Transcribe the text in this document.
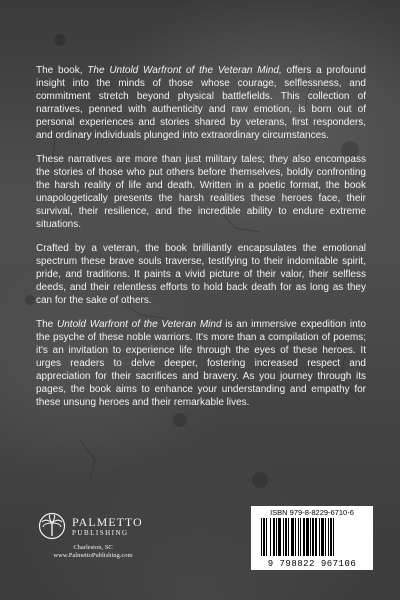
The book, The Untold Warfront of the Veteran Mind, offers a profound insight into the minds of those whose courage, selflessness, and commitment stretch beyond physical battlefields. This collection of narratives, penned with authenticity and raw emotion, is born out of personal experiences and stories shared by veterans, first responders, and ordinary individuals plunged into extraordinary circumstances.

These narratives are more than just military tales; they also encompass the stories of those who put others before themselves, boldly confronting the harsh reality of life and death. Written in a poetic format, the book unapologetically presents the harsh realities these heroes face, their survival, their resilience, and the incredible ability to endure extreme situations.

Crafted by a veteran, the book brilliantly encapsulates the emotional spectrum these brave souls traverse, testifying to their indomitable spirit, pride, and traditions. It paints a vivid picture of their valor, their selfless deeds, and their relentless efforts to hold back death for as long as they can for the sake of others.

The Untold Warfront of the Veteran Mind is an immersive expedition into the psyche of these noble warriors. It's more than a compilation of poems; it's an invitation to experience life through the eyes of these heroes. It urges readers to delve deeper, fostering increased respect and appreciation for their sacrifices and bravery. As you journey through its pages, the book aims to enhance your understanding and empathy for these unsung heroes and their remarkable lives.

PALMETTO
PUBLISHING
Charleston, SC
www.PalmettoPublishing.com
ISBN 979-8-8229-6710-6
9 798822 967106
